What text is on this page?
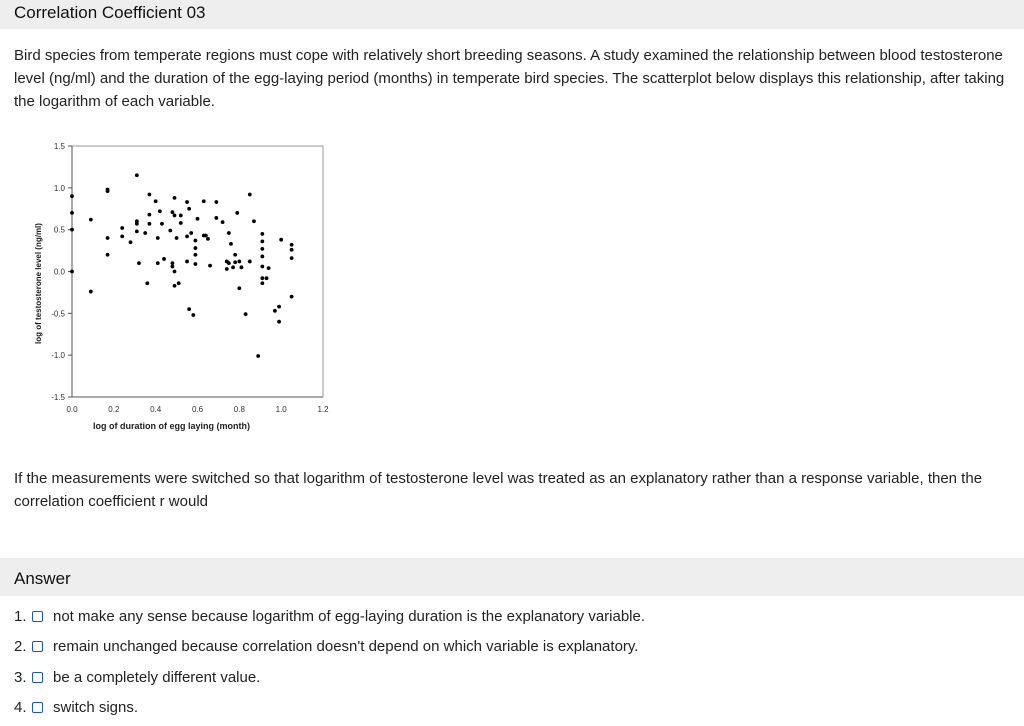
Correlation Coefficient 03
Bird species from temperate regions must cope with relatively short breeding seasons. A study examined the relationship between blood testosterone level (ng/ml) and the duration of the egg-laying period (months) in temperate bird species. The scatterplot below displays this relationship, after taking the logarithm of each variable.
1.5
1.0
0.5
0.0
-0.5
-1.0
-1.5
0.0	0.2	0.4	0.6	0.8	1.0	1.2
log of duration of egg laying (month)
log of testosterone level (ng/ml)
If the measurements were switched so that logarithm of testosterone level was treated as an explanatory rather than a response variable, then the correlation coefficient r would
Answer
1.	not make any sense because logarithm of egg-laying duration is the explanatory variable.
2.	remain unchanged because correlation doesn't depend on which variable is explanatory.
3.	be a completely different value.
4.	switch signs.
